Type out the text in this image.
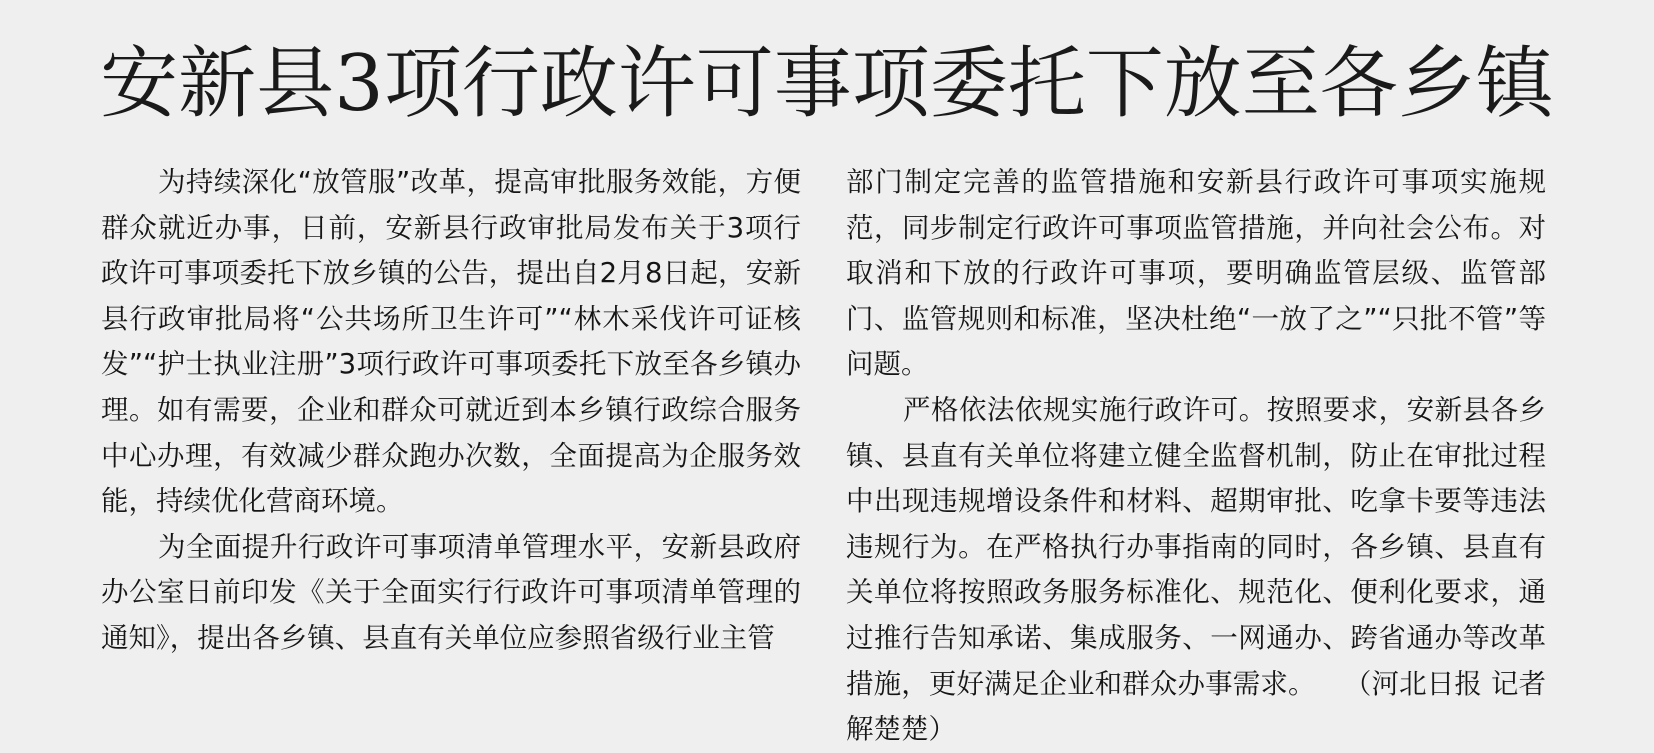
安新县3项行政许可事项委托下放至各乡镇

为持续深化“放管服”改革，提高审批服务效能，方便群众就近办事，日前，安新县行政审批局发布关于3项行政许可事项委托下放乡镇的公告，提出自2月8日起，安新县行政审批局将“公共场所卫生许可”“林木采伐许可证核发”“护士执业注册”3项行政许可事项委托下放至各乡镇办理。如有需要，企业和群众可就近到本乡镇行政综合服务中心办理，有效减少群众跑办次数，全面提高为企服务效能，持续优化营商环境。

为全面提升行政许可事项清单管理水平，安新县政府办公室日前印发《关于全面实行行政许可事项清单管理的通知》，提出各乡镇、县直有关单位应参照省级行业主管

部门制定完善的监管措施和安新县行政许可事项实施规范，同步制定行政许可事项监管措施，并向社会公布。对取消和下放的行政许可事项，要明确监管层级、监管部门、监管规则和标准，坚决杜绝“一放了之”“只批不管”等问题。

严格依法依规实施行政许可。按照要求，安新县各乡镇、县直有关单位将建立健全监督机制，防止在审批过程中出现违规增设条件和材料、超期审批、吃拿卡要等违法违规行为。在严格执行办事指南的同时，各乡镇、县直有关单位将按照政务服务标准化、规范化、便利化要求，通过推行告知承诺、集成服务、一网通办、跨省通办等改革措施，更好满足企业和群众办事需求。 （河北日报 记者解楚楚）
